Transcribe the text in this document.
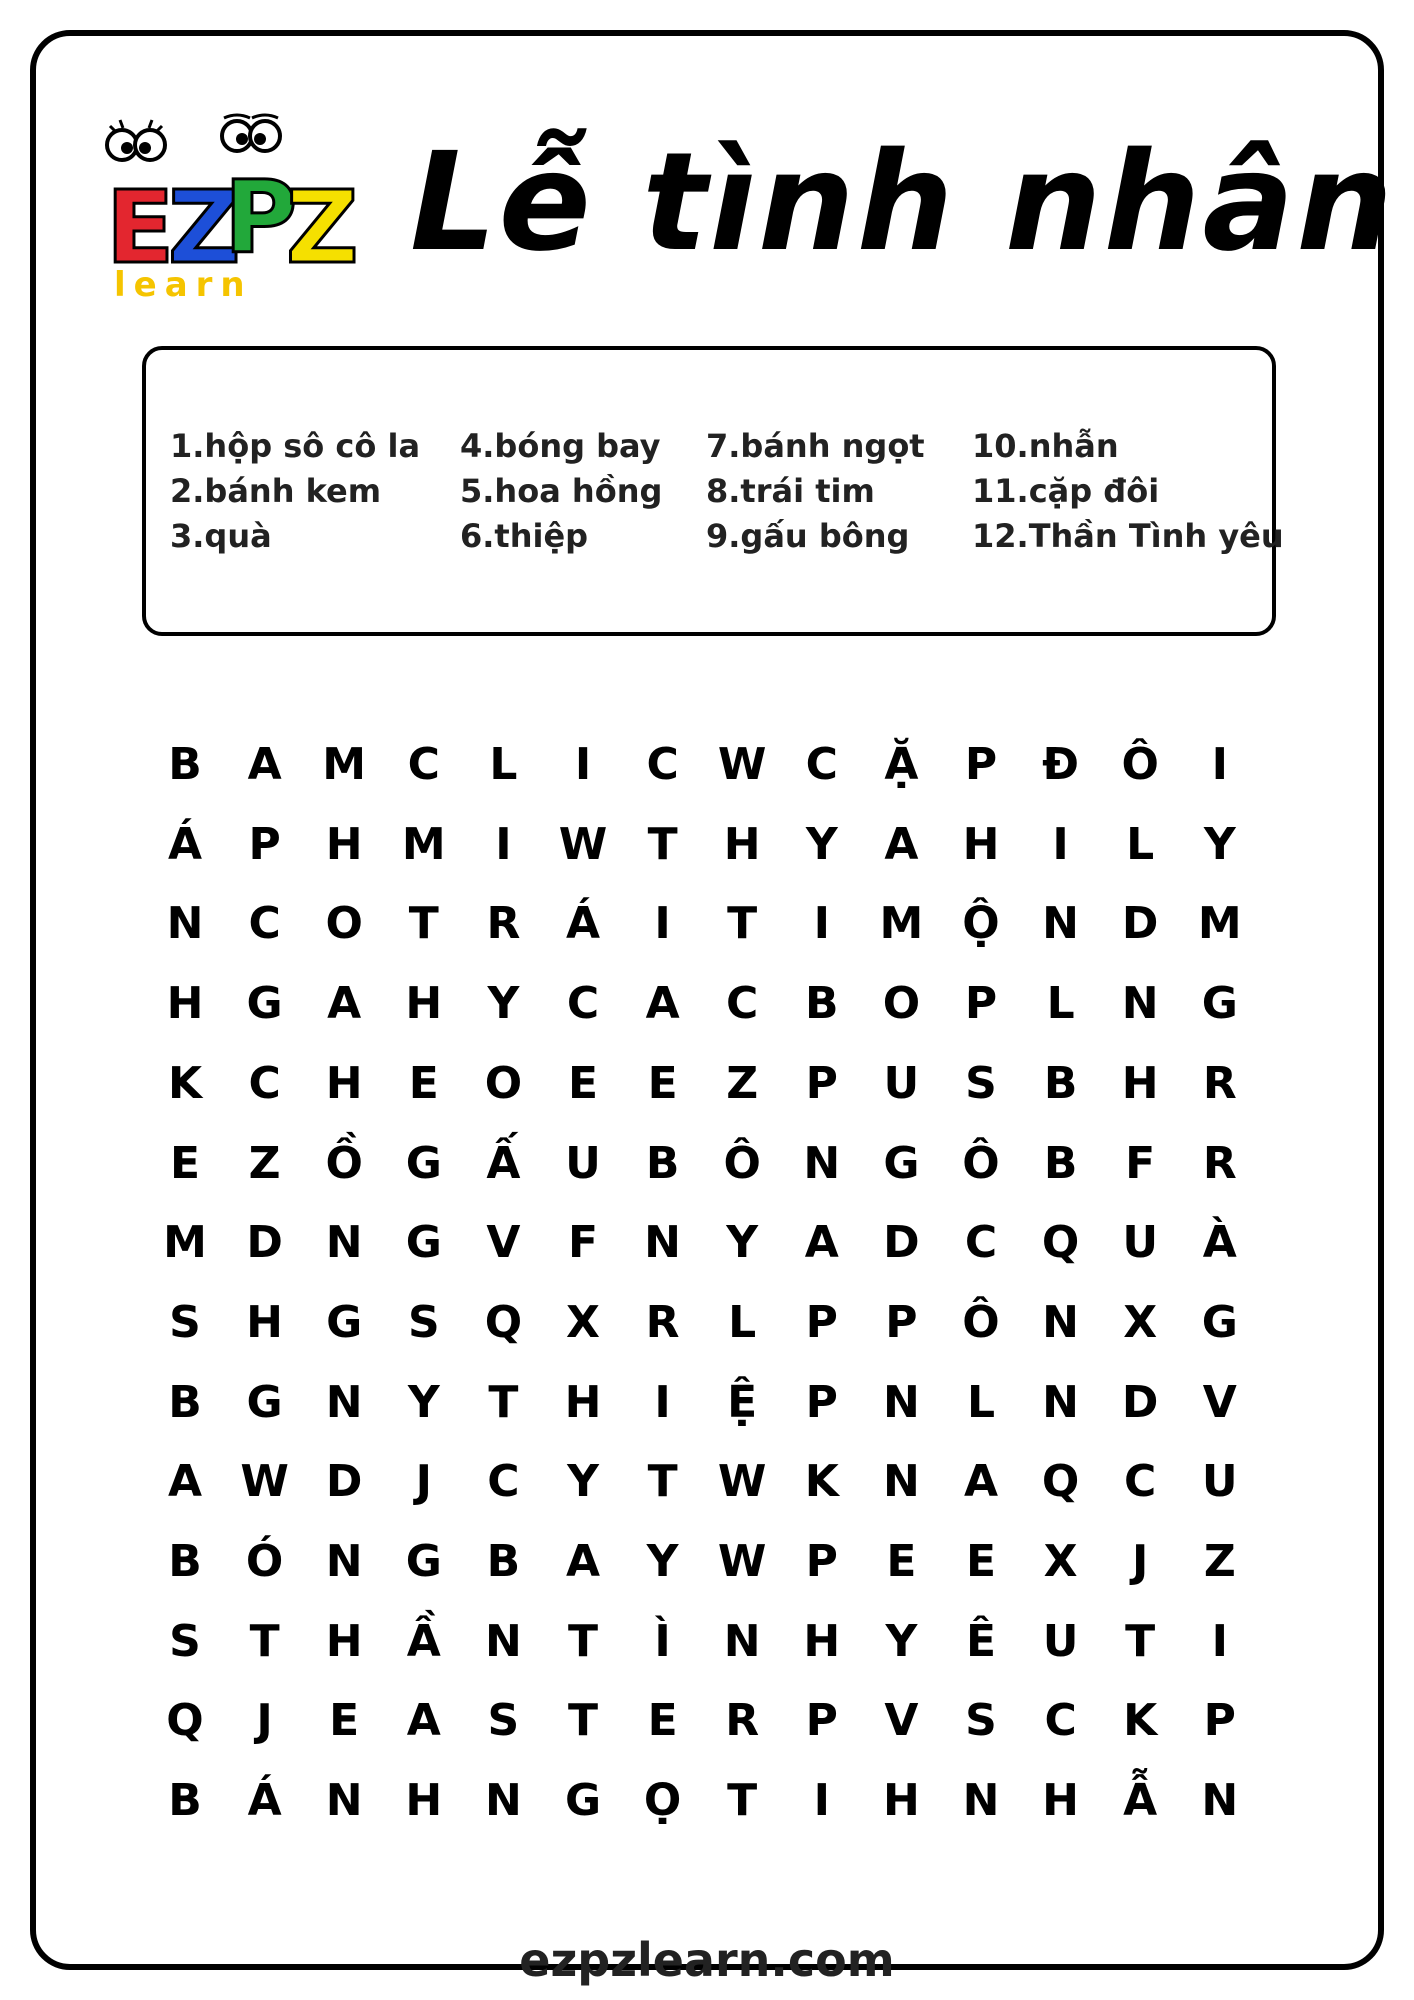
E
Z
P
Z
learn
Lễ tình nhân
1.hộp sô cô la
2.bánh kem
3.quà
4.bóng bay
5.hoa hồng
6.thiệp
7.bánh ngọt
8.trái tim
9.gấu bông
10.nhẫn
11.cặp đôi
12.Thần Tình yêu
B	A M C	L	I	C W C	Ặ	P	Đ Ô	I
Á	P	H M	I	W T	H	Y	A	H	I	L	Y
N	C	O	T	R	Á	I	T	I	M Ộ N D M
H G	A	H	Y	C	A	C	B	O	P	L	N G
K	C	H	E	O	E	E	Z	P	U	S	B	H	R
E	Z	Ồ G	Ấ	U	B	Ô N G Ô	B	F	R
M D N G	V	F	N	Y	A	D	C	Q U	À
S	H G	S	Q X	R	L	P	P	Ô N	X	G
B	G N	Y	T	H	I	Ệ	P	N	L	N D	V
A W D	J	C	Y	T W K	N	A Q	C	U
B	Ó N G	B	A	Y W P	E	E	X	J	Z
S	T	H	Ầ	N	T	Ì	N H	Y	Ê	U	T	I
Q	J	E	A	S	T	E	R	P	V	S	C	K	P
B	Á	N H N G Ọ	T	I	H N H	Ẫ	N

ezpzlearn.com
